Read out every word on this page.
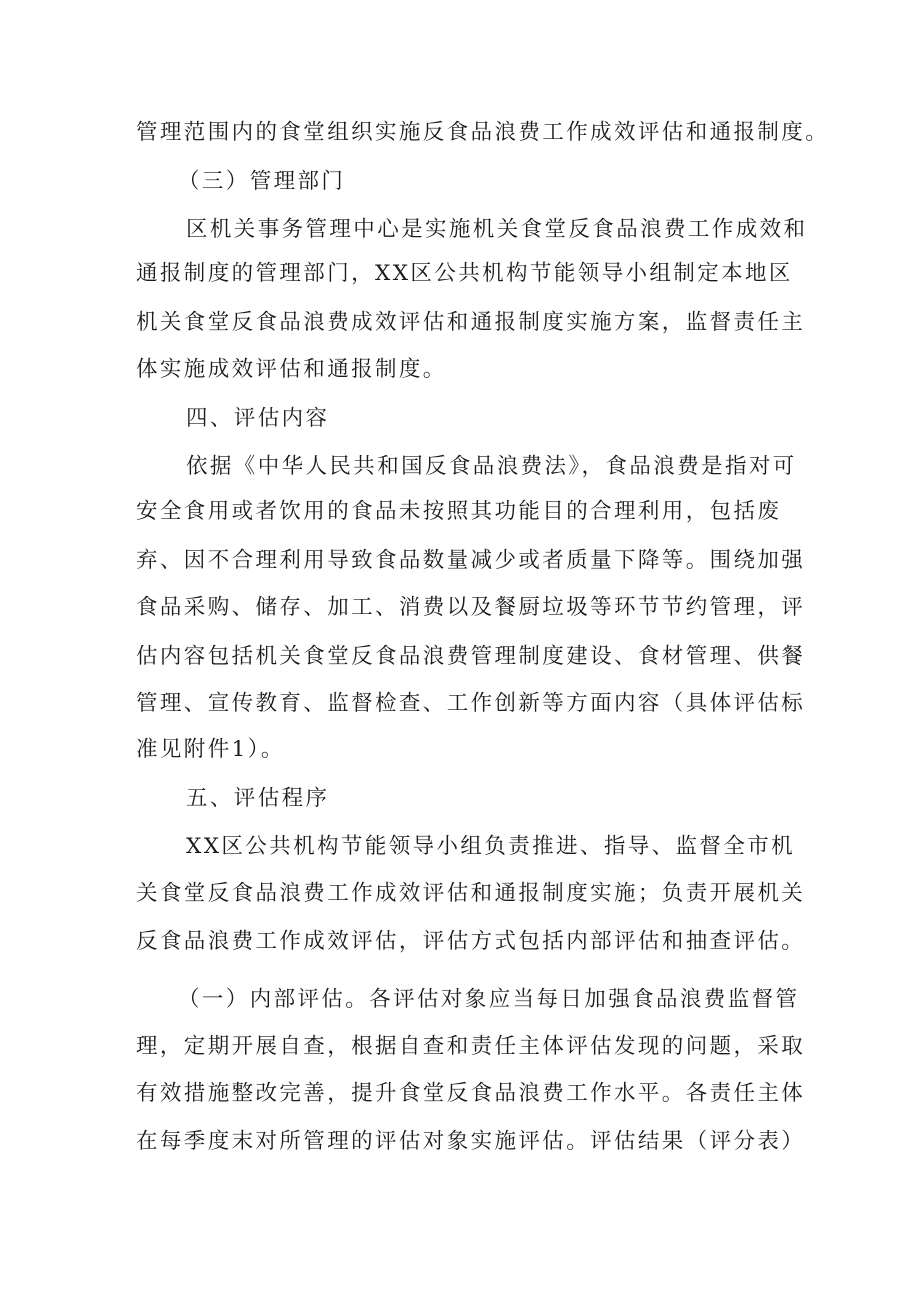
管理范围内的食堂组织实施反食品浪费工作成效评估和通报制度。
（三）管理部门
区机关事务管理中心是实施机关食堂反食品浪费工作成效和
通报制度的管理部门，XX区公共机构节能领导小组制定本地区
机关食堂反食品浪费成效评估和通报制度实施方案，监督责任主
体实施成效评估和通报制度。
四、评估内容
依据《中华人民共和国反食品浪费法》，食品浪费是指对可
安全食用或者饮用的食品未按照其功能目的合理利用，包括废
弃、因不合理利用导致食品数量减少或者质量下降等。围绕加强
食品采购、储存、加工、消费以及餐厨垃圾等环节节约管理，评
估内容包括机关食堂反食品浪费管理制度建设、食材管理、供餐
管理、宣传教育、监督检查、工作创新等方面内容（具体评估标
准见附件1）。
五、评估程序
XX区公共机构节能领导小组负责推进、指导、监督全市机
关食堂反食品浪费工作成效评估和通报制度实施；负责开展机关
反食品浪费工作成效评估，评估方式包括内部评估和抽查评估。
（一）内部评估。各评估对象应当每日加强食品浪费监督管
理，定期开展自查，根据自查和责任主体评估发现的问题，采取
有效措施整改完善，提升食堂反食品浪费工作水平。各责任主体
在每季度末对所管理的评估对象实施评估。评估结果（评分表）
